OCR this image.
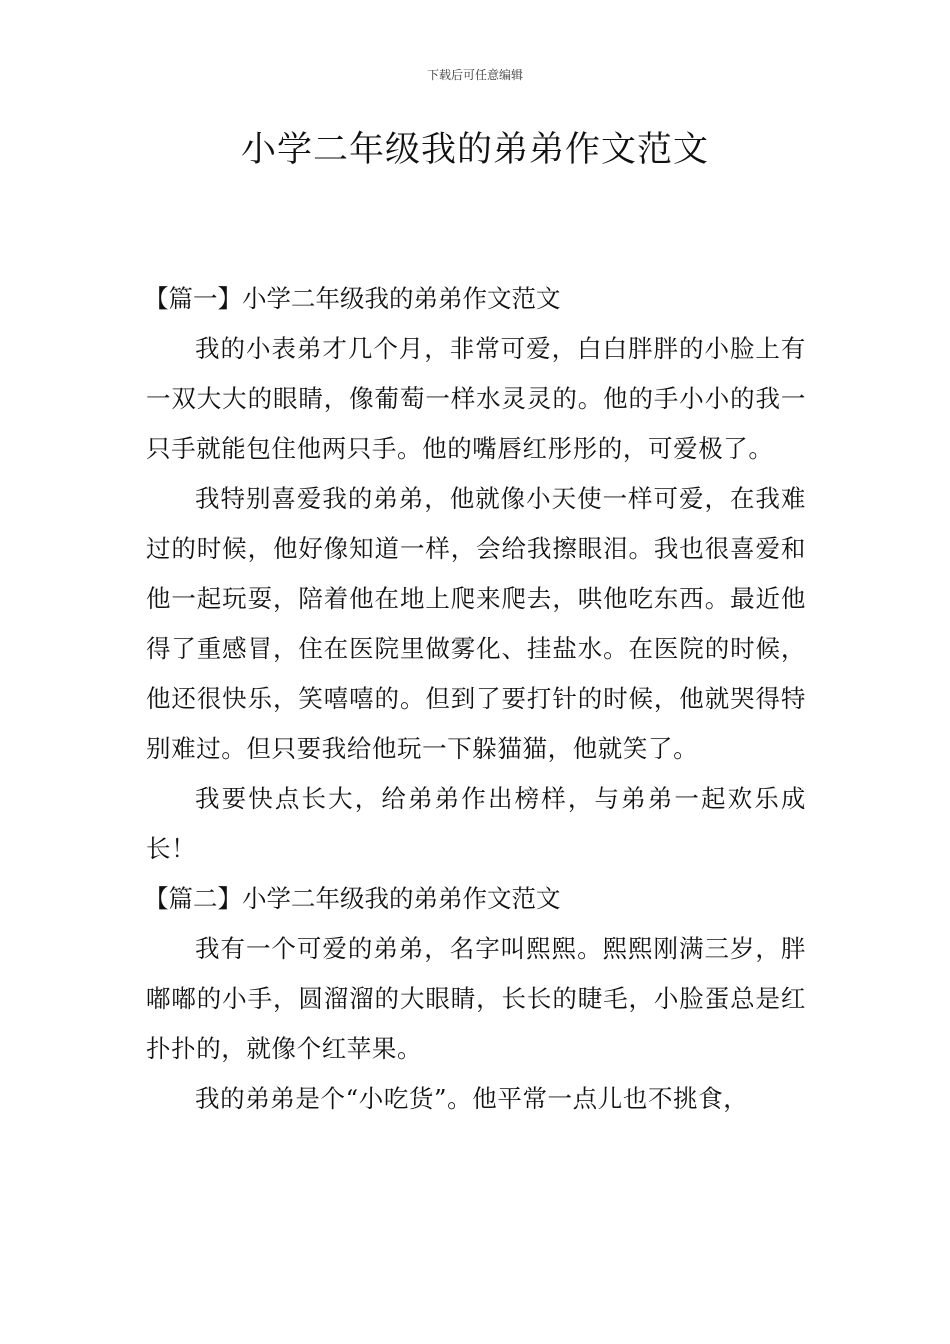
下载后可任意编辑
小学二年级我的弟弟作文范文
【篇一】小学二年级我的弟弟作文范文

我的小表弟才几个月，非常可爱，白白胖胖的小脸上有一双大大的眼睛，像葡萄一样水灵灵的。他的手小小的我一只手就能包住他两只手。他的嘴唇红彤彤的，可爱极了。

我特别喜爱我的弟弟，他就像小天使一样可爱，在我难过的时候，他好像知道一样，会给我擦眼泪。我也很喜爱和他一起玩耍，陪着他在地上爬来爬去，哄他吃东西。最近他得了重感冒，住在医院里做雾化、挂盐水。在医院的时候，他还很快乐，笑嘻嘻的。但到了要打针的时候，他就哭得特别难过。但只要我给他玩一下躲猫猫，他就笑了。

我要快点长大，给弟弟作出榜样，与弟弟一起欢乐成长！

【篇二】小学二年级我的弟弟作文范文

我有一个可爱的弟弟，名字叫熙熙。熙熙刚满三岁，胖嘟嘟的小手，圆溜溜的大眼睛，长长的睫毛，小脸蛋总是红扑扑的，就像个红苹果。

我的弟弟是个“小吃货”。他平常一点儿也不挑食，
